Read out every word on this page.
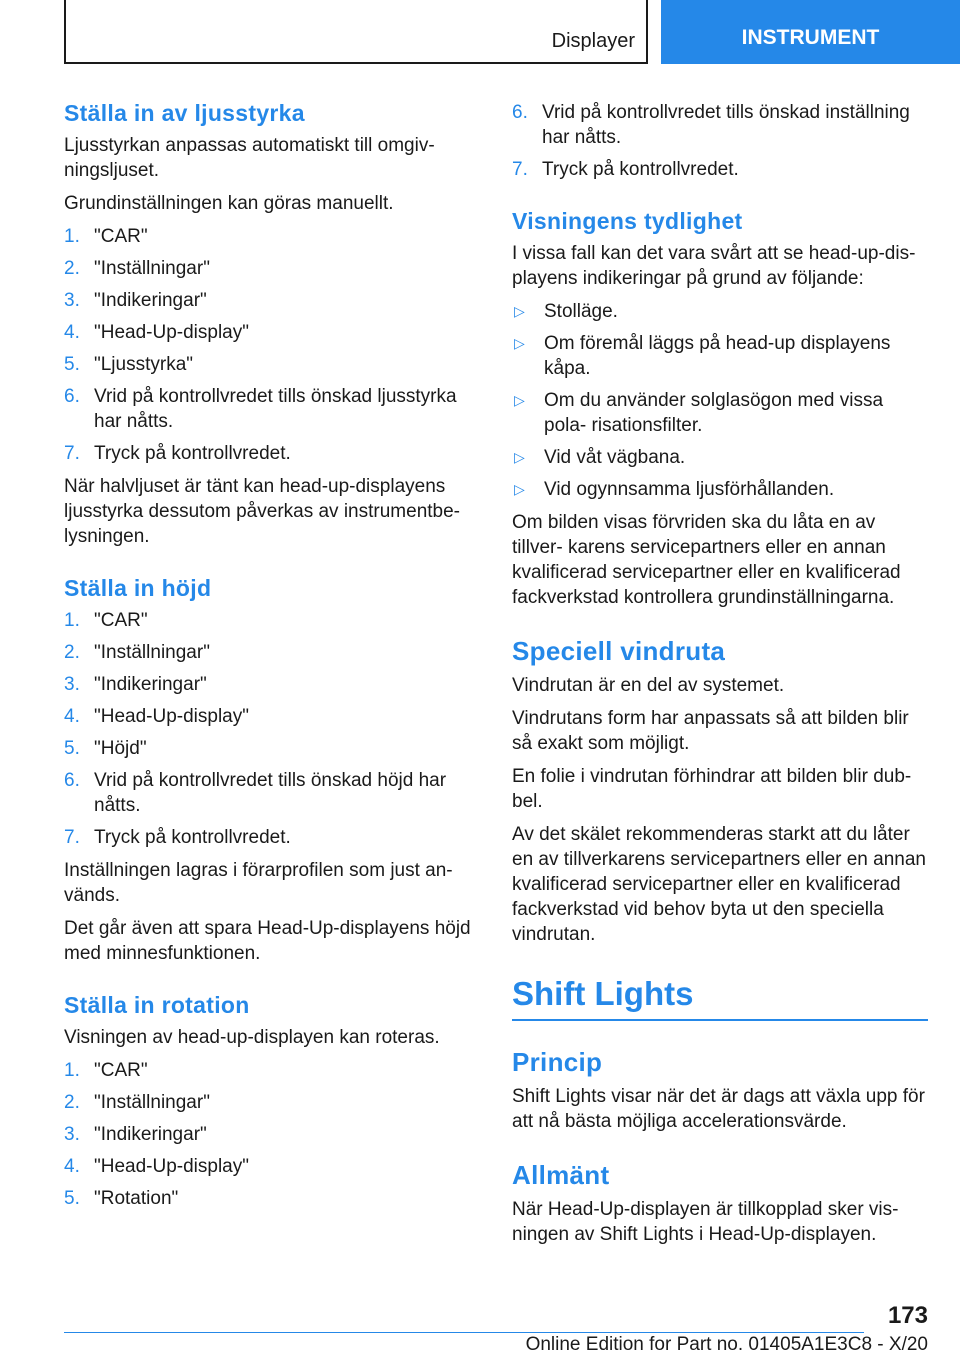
Displayer	INSTRUMENT
Ställa in av ljusstyrka

Ljusstyrkan anpassas automatiskt till omgiv- ningsljuset.

Grundinställningen kan göras manuellt.

1. "CAR"
2. "Inställningar"
3. "Indikeringar"
4. "Head-Up-display"
5. "Ljusstyrka"
6. Vrid på kontrollvredet tills önskad ljusstyrka har nåtts.
7. Tryck på kontrollvredet.

När halvljuset är tänt kan head-up-displayens ljusstyrka dessutom påverkas av instrumentbe- lysningen.

Ställa in höjd
1. "CAR"
2. "Inställningar"
3. "Indikeringar"
4. "Head-Up-display"
5. "Höjd"
6. Vrid på kontrollvredet tills önskad höjd har nåtts.
7. Tryck på kontrollvredet.

Inställningen lagras i förarprofilen som just an- vänds.

Det går även att spara Head-Up-displayens höjd med minnesfunktionen.

Ställa in rotation

Visningen av head-up-displayen kan roteras.

1. "CAR"
2. "Inställningar"
3. "Indikeringar"
4. "Head-Up-display"
5. "Rotation"
6. Vrid på kontrollvredet tills önskad inställning har nåtts.
7. Tryck på kontrollvredet.
Visningens tydlighet

I vissa fall kan det vara svårt att se head-up-dis- playens indikeringar på grund av följande:

▷	Stolläge.
▷	Om föremål läggs på head-up displayens kåpa.
▷	Om du använder solglasögon med vissa pola- risationsfilter.
▷	Vid våt vägbana.
▷	Vid ogynnsamma ljusförhållanden.

Om bilden visas förvriden ska du låta en av tillver- karens servicepartners eller en annan kvalificerad servicepartner eller en kvalificerad fackverkstad kontrollera grundinställningarna.

Speciell vindruta

Vindrutan är en del av systemet.

Vindrutans form har anpassats så att bilden blir så exakt som möjligt.

En folie i vindrutan förhindrar att bilden blir dub- bel.

Av det skälet rekommenderas starkt att du låter en av tillverkarens servicepartners eller en annan kvalificerad servicepartner eller en kvalificerad fackverkstad vid behov byta ut den speciella vindrutan.

Shift Lights
Princip

Shift Lights visar när det är dags att växla upp för att nå bästa möjliga accelerationsvärde.

Allmänt

När Head-Up-displayen är tillkopplad sker vis- ningen av Shift Lights i Head-Up-displayen.

173
Online Edition for Part no. 01405A1E3C8 - X/20
